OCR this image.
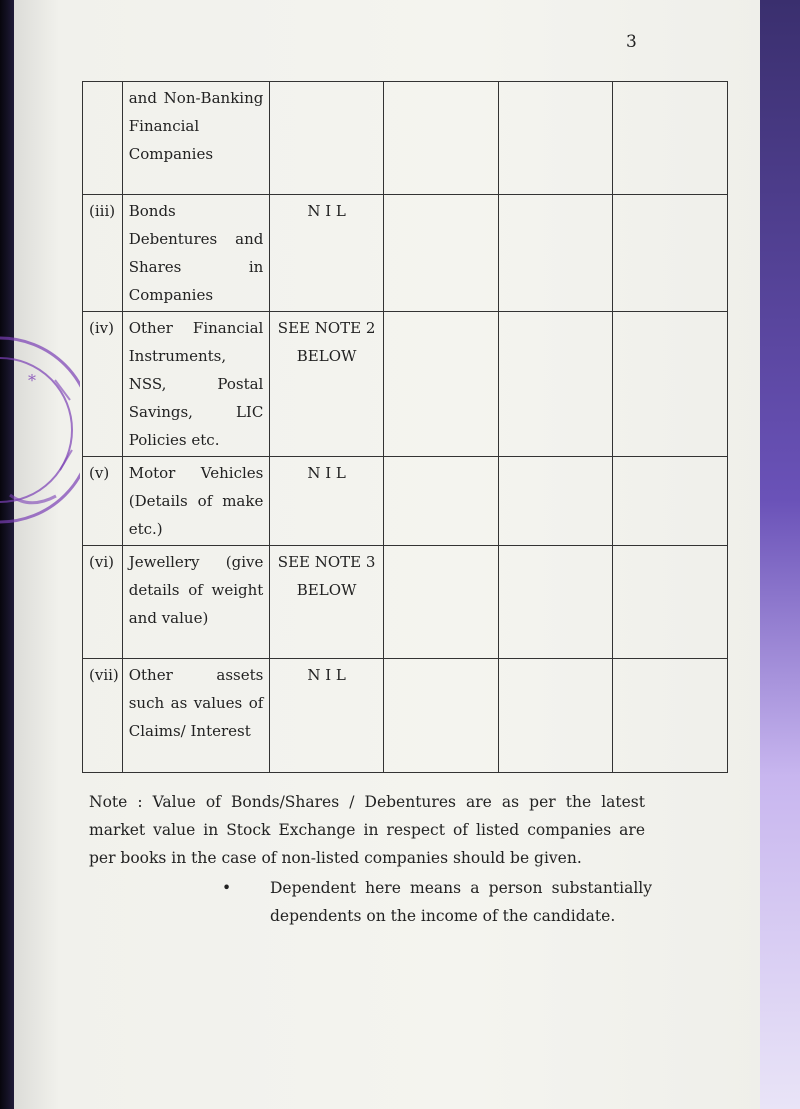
*
3
	and Non-Banking Financial Companies				
(iii)	Bonds Debentures and Shares in Companies	N I L			
(iv)	Other Financial Instruments, NSS, Postal Savings, LIC Policies etc.	SEE NOTE 2 BELOW			
(v)	Motor Vehicles (Details of make etc.)	N I L			
(vi)	Jewellery (give details of weight and value)	SEE NOTE 3 BELOW			
(vii)	Other assets such as values of Claims/ Interest	N I L			
Note : Value of Bonds/Shares / Debentures are as per the latest market value in Stock Exchange in respect of listed companies are per books in the case of non-listed companies should be given.
•	Dependent here means a person substantially dependents on the income of the candidate.
